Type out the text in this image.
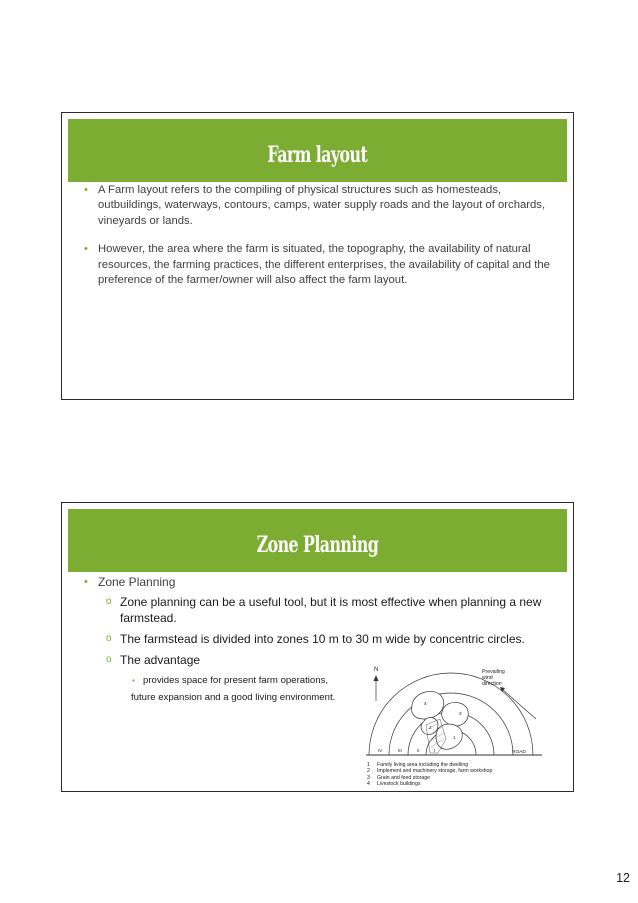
Farm layout
• A Farm layout refers to the compiling of physical structures such as homesteads, outbuildings, waterways, contours, camps, water supply roads and the layout of orchards, vineyards or lands.
• However, the area where the farm is situated, the topography, the availability of natural resources, the farming practices, the different enterprises, the availability of capital and the preference of the farmer/owner will also affect the farm layout.
Zone Planning
• Zone Planning
o Zone planning can be a useful tool, but it is most effective when planning a new farmstead.
o The farmstead is divided into zones 10 m to 30 m wide by concentric circles.
o The advantage
• provides space for present farm operations,
future expansion and a good living environment.
N	Prevailing
wind
direction
ROAD
IV	III	II	I
1
2
3
4
1	Family living area including the dwelling
2	Implement and machinery storage, farm workshop
3	Grain and feed storage
4	Livestock buildings
12
